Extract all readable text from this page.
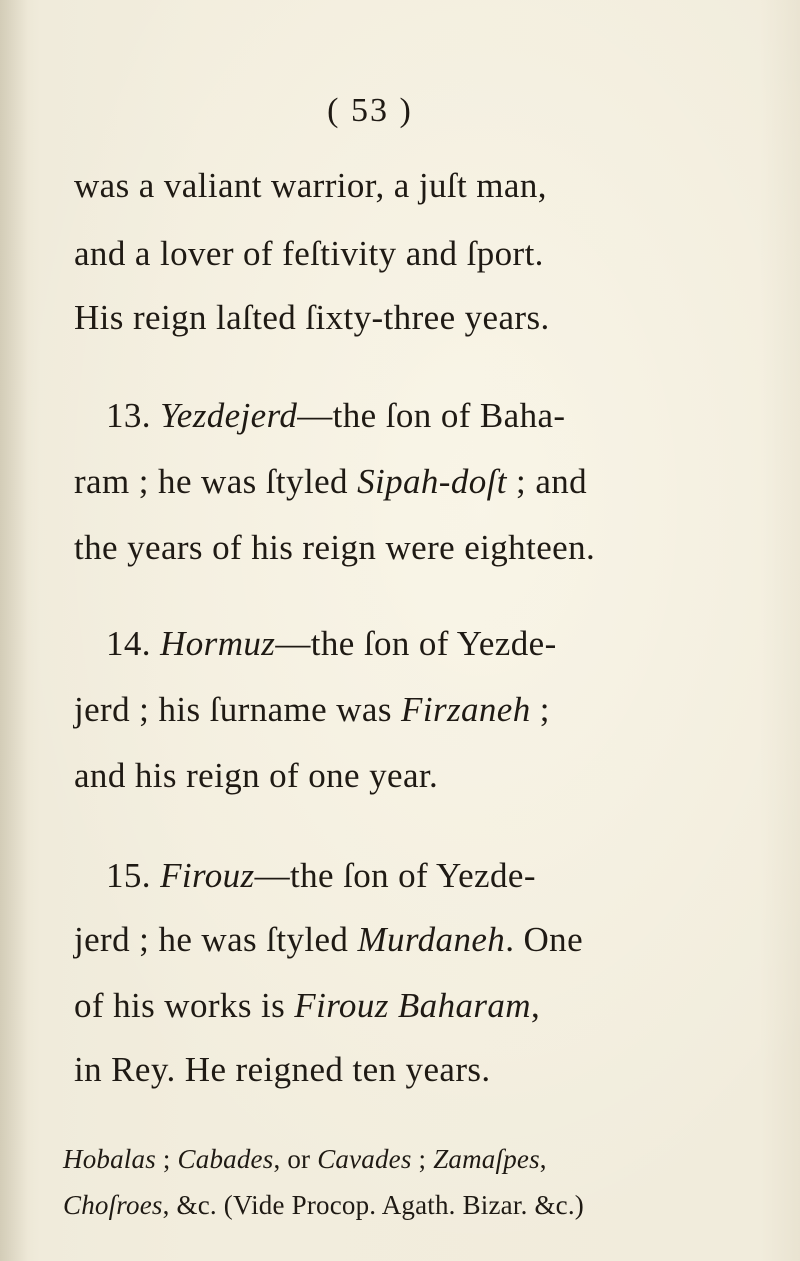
( 53 )
was a valiant warrior, a juſt man,
and a lover of feſtivity and ſport.
His reign laſted ſixty-three years.
13. Yezdejerd—the ſon of Baha-
ram ; he was ſtyled Sipah-doſt ; and
the years of his reign were eighteen.
14. Hormuz—the ſon of Yezde-
jerd ; his ſurname was Firzaneh ;
and his reign of one year.
15. Firouz—the ſon of Yezde-
jerd ; he was ſtyled Murdaneh. One
of his works is Firouz Baharam,
in Rey. He reigned ten years.
Hobalas ; Cabades, or Cavades ; Zamaſpes,
Choſroes, &c. (Vide Procop. Agath. Bizar. &c.)
